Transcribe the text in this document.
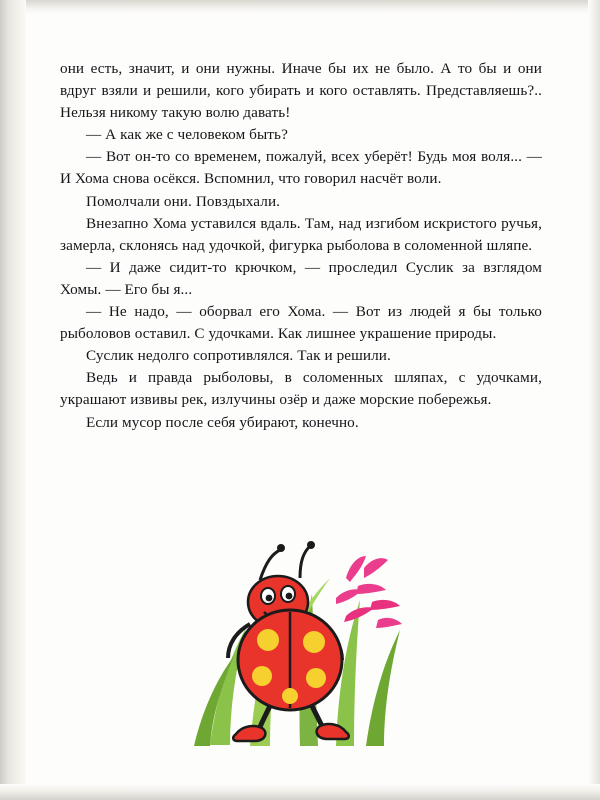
они есть, значит, и они нужны. Иначе бы их не было. А то бы и они вдруг взяли и решили, кого убирать и кого оставлять. Представляешь?.. Нельзя никому такую волю давать!

— А как же с человеком быть?

— Вот он-то со временем, пожалуй, всех уберёт! Будь моя воля... — И Хома снова осёкся. Вспомнил, что говорил насчёт воли.

Помолчали они. Повздыхали.

Внезапно Хома уставился вдаль. Там, над изгибом искристого ручья, замерла, склонясь над удочкой, фигурка рыболова в соломенной шляпе.

— И даже сидит-то крючком, — проследил Суслик за взглядом Хомы. — Его бы я...

— Не надо, — оборвал его Хома. — Вот из людей я бы только рыболовов оставил. С удочками. Как лишнее украшение природы.

Суслик недолго сопротивлялся. Так и решили.

Ведь и правда рыболовы, в соломенных шляпах, с удочками, украшают извивы рек, излучины озёр и даже морские побережья.

Если мусор после себя убирают, конечно.
